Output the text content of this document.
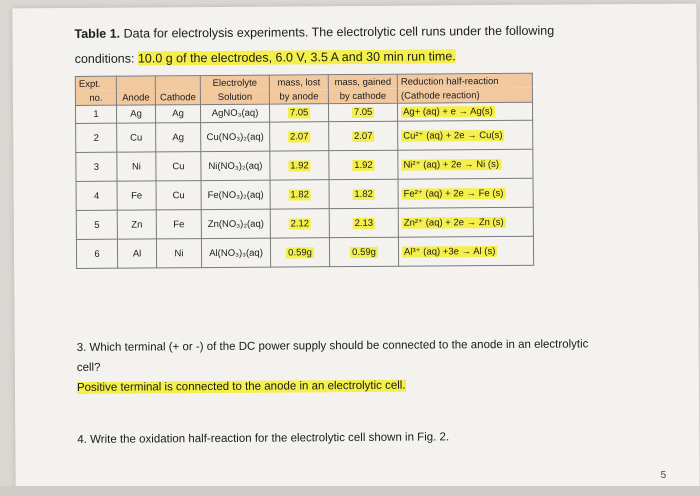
Table 1. Data for electrolysis experiments. The electrolytic cell runs under the following
conditions: 10.0 g of the electrodes, 6.0 V, 3.5 A and 30 min run time.
Expt.			Electrolyte	mass, lost	mass, gained	Reduction half-reaction
no.	Anode	Cathode	Solution	by anode	by cathode	(Cathode reaction)
1	Ag	Ag	AgNO₃(aq)	7.05	7.05	Ag+ (aq) + e → Ag(s)
2	Cu	Ag	Cu(NO₃)₂(aq)	2.07	2.07	Cu²⁺ (aq) + 2e → Cu(s)
3	Ni	Cu	Ni(NO₃)₂(aq)	1.92	1.92	Ni²⁺ (aq) + 2e → Ni (s)
4	Fe	Cu	Fe(NO₃)₂(aq)	1.82	1.82	Fe²⁺ (aq) + 2e → Fe (s)
5	Zn	Fe	Zn(NO₃)₂(aq)	2.12	2.13	Zn²⁺ (aq) + 2e → Zn (s)
6	Al	Ni	Al(NO₃)₃(aq)	0.59g	0.59g	Al³⁺ (aq) +3e → Al (s)
3. Which terminal (+ or -) of the DC power supply should be connected to the anode in an electrolytic cell?
Positive terminal is connected to the anode in an electrolytic cell.
4. Write the oxidation half-reaction for the electrolytic cell shown in Fig. 2.
5
